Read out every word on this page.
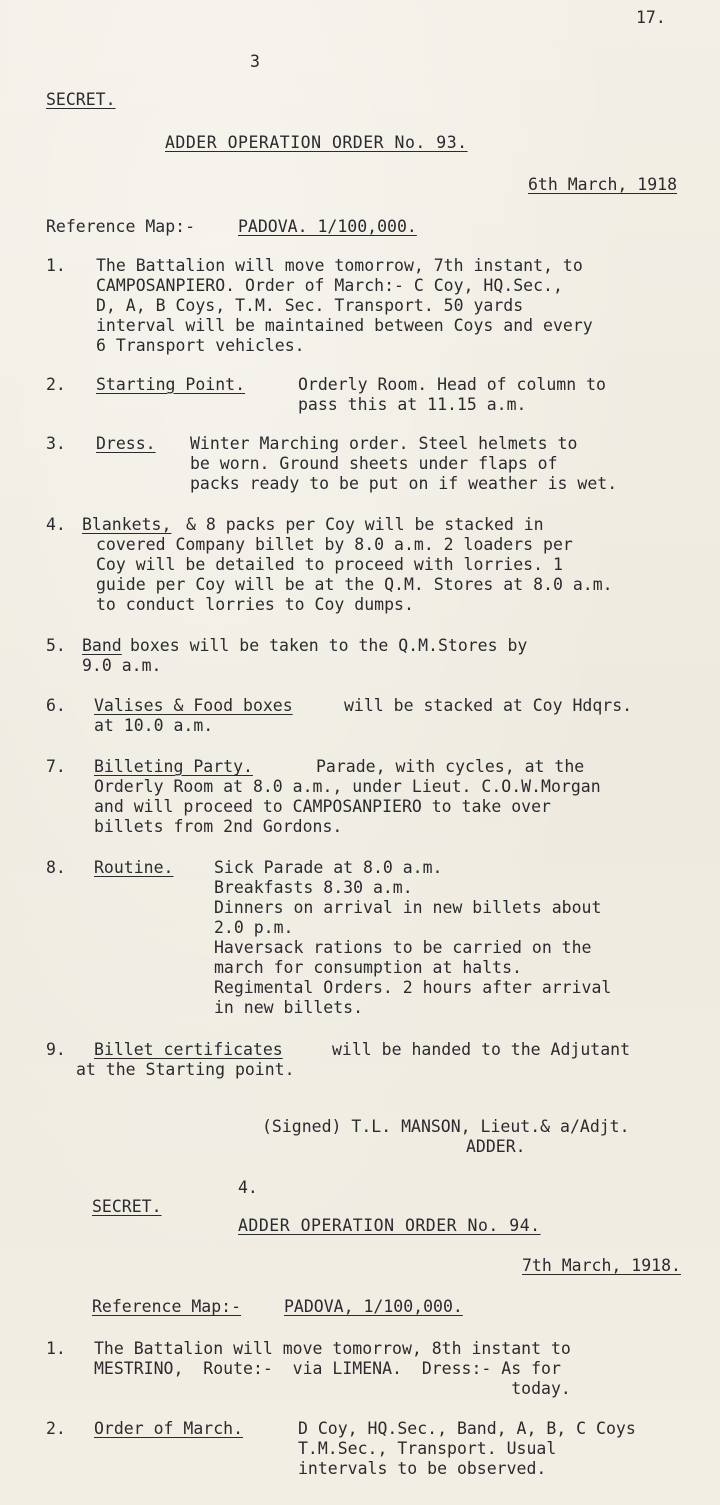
17.
3
SECRET.
ADDER OPERATION ORDER No. 93.
6th March, 1918
Reference Map:-	PADOVA. 1/100,000.
1. The Battalion will move tomorrow, 7th instant, to
CAMPOSANPIERO. Order of March:- C Coy, HQ.Sec.,
D, A, B Coys, T.M. Sec. Transport. 50 yards
interval will be maintained between Coys and every
6 Transport vehicles.
2. Starting Point.	Orderly Room. Head of column to
pass this at 11.15 a.m.
3. Dress. Winter Marching order. Steel helmets to
be worn. Ground sheets under flaps of
packs ready to be put on if weather is wet.
4. Blankets, & 8 packs per Coy will be stacked in
covered Company billet by 8.0 a.m. 2 loaders per
Coy will be detailed to proceed with lorries. 1
guide per Coy will be at the Q.M. Stores at 8.0 a.m.
to conduct lorries to Coy dumps.
5. Band boxes will be taken to the Q.M.Stores by
9.0 a.m.
6. Valises & Food boxes	will be stacked at Coy Hdqrs.
at 10.0 a.m.
7. Billeting Party.	Parade, with cycles, at the
Orderly Room at 8.0 a.m., under Lieut. C.O.W.Morgan
and will proceed to CAMPOSANPIERO to take over
billets from 2nd Gordons.
8. Routine. Sick Parade at 8.0 a.m.
Breakfasts 8.30 a.m.
Dinners on arrival in new billets about
2.0 p.m.
Haversack rations to be carried on the
march for consumption at halts.
Regimental Orders. 2 hours after arrival
in new billets.
9. Billet certificates	will be handed to the Adjutant
at the Starting point.
(Signed) T.L. MANSON, Lieut.& a/Adjt.
ADDER.
4.
SECRET.
ADDER OPERATION ORDER No. 94.
7th March, 1918.
Reference Map:-	PADOVA, 1/100,000.
1. The Battalion will move tomorrow, 8th instant to
MESTRINO,  Route:-  via LIMENA.  Dress:- As for
today.
2. Order of March.	D Coy, HQ.Sec., Band, A, B, C Coys
T.M.Sec., Transport. Usual
intervals to be observed.
